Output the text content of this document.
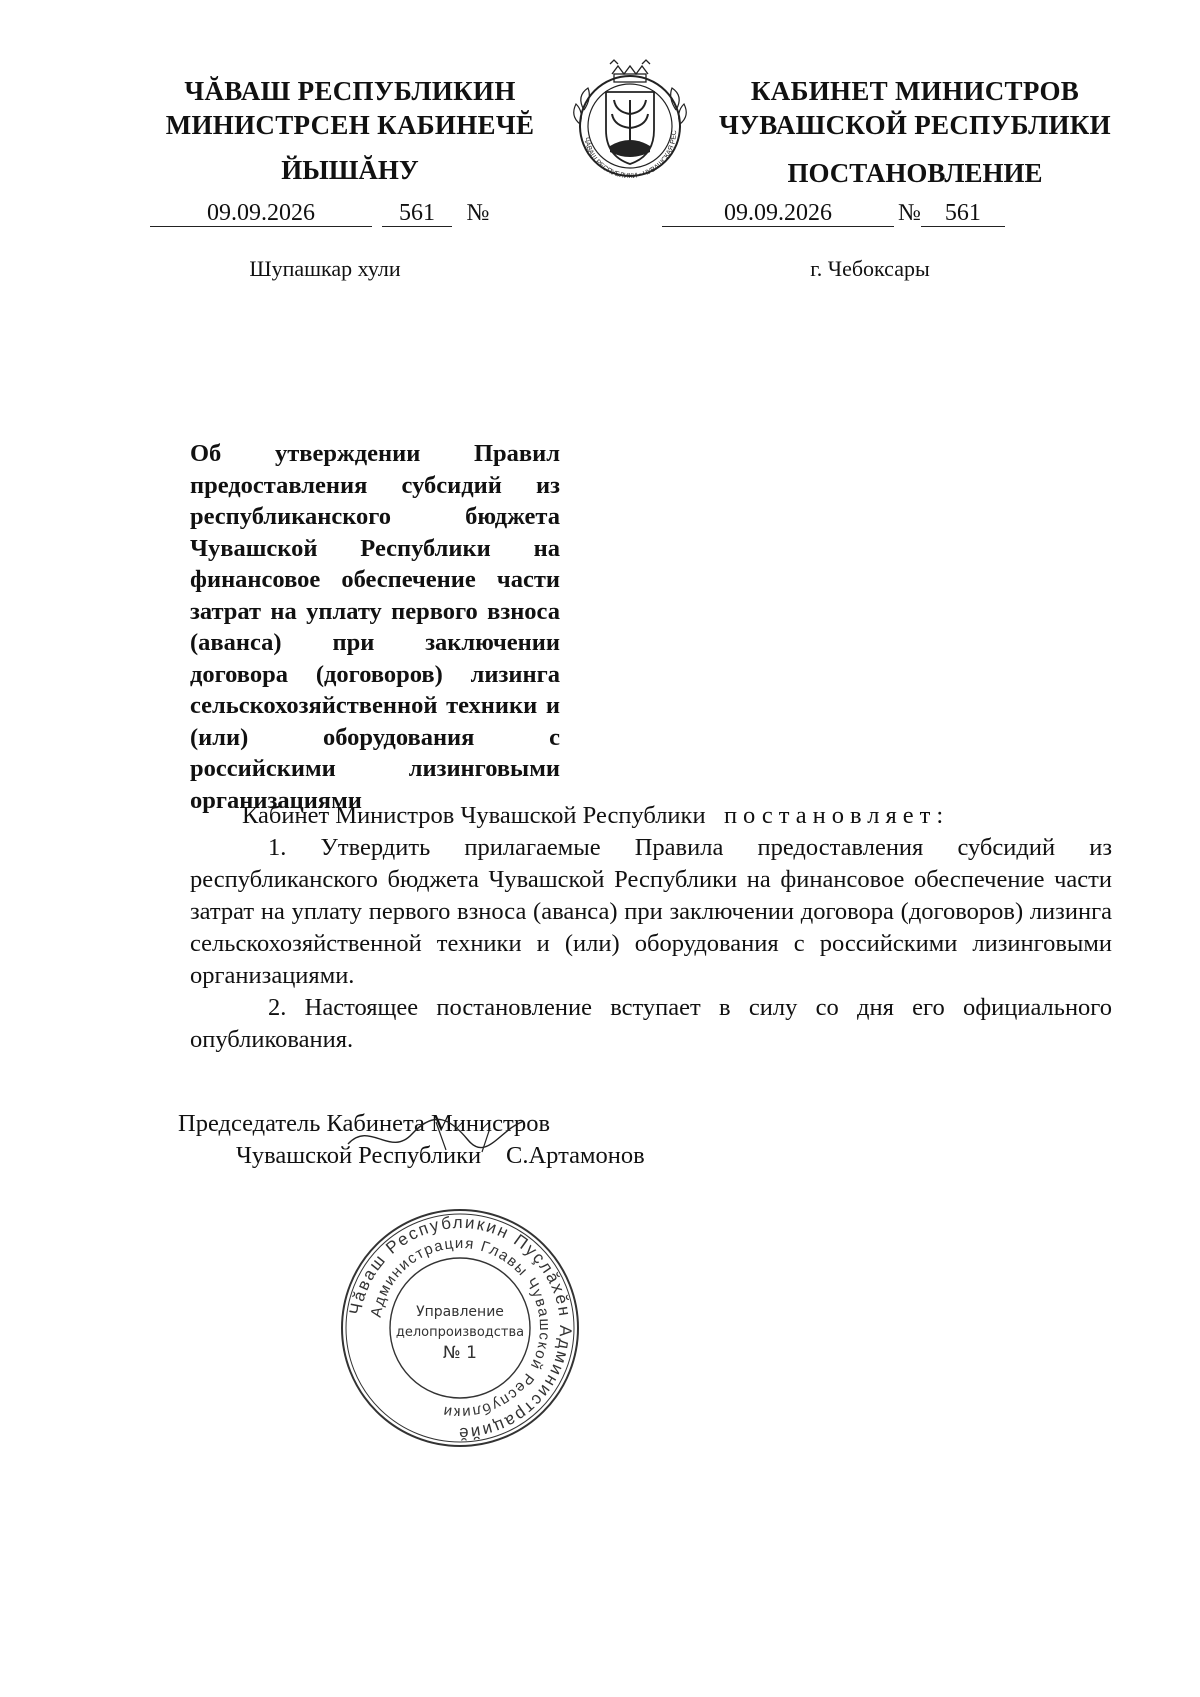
ЧĂВАШ РЕСПУБЛИКИН
МИНИСТРСЕН КАБИНЕЧĔ
ЙЫШĂНУ
ЧĂВАШ РЕСПУБЛИКИ • ЧУВАШСКАЯ РЕС
КАБИНЕТ МИНИСТРОВ
ЧУВАШСКОЙ РЕСПУБЛИКИ
ПОСТАНОВЛЕНИЕ
09.09.2026	561 №	09.09.2026	№ 561
Шупашкар хули	г. Чебоксары
Об утверждении Правил предоставления субсидий из республиканского бюджета Чувашской Республики на финансовое обеспечение части затрат на уплату первого взноса (аванса) при заключении договора (договоров) лизинга сельскохозяйственной техники и (или) оборудования с российскими лизинговыми организациями
Кабинет Министров Чувашской Республики постановляет:
1. Утвердить прилагаемые Правила предоставления субсидий из республиканского бюджета Чувашской Республики на финансовое обеспечение части затрат на уплату первого взноса (аванса) при заключении договора (договоров) лизинга сельскохозяйственной техники и (или) оборудования с российскими лизинговыми организациями.
2. Настоящее постановление вступает в силу со дня его официального опубликования.
Председатель Кабинета Министров
Чувашской Республики С.Артамонов
Чăваш Республикин Пуçлăхĕн Администрацийĕ
Администрация Главы Чувашской Республики
Управление
делопроизводства
№ 1
